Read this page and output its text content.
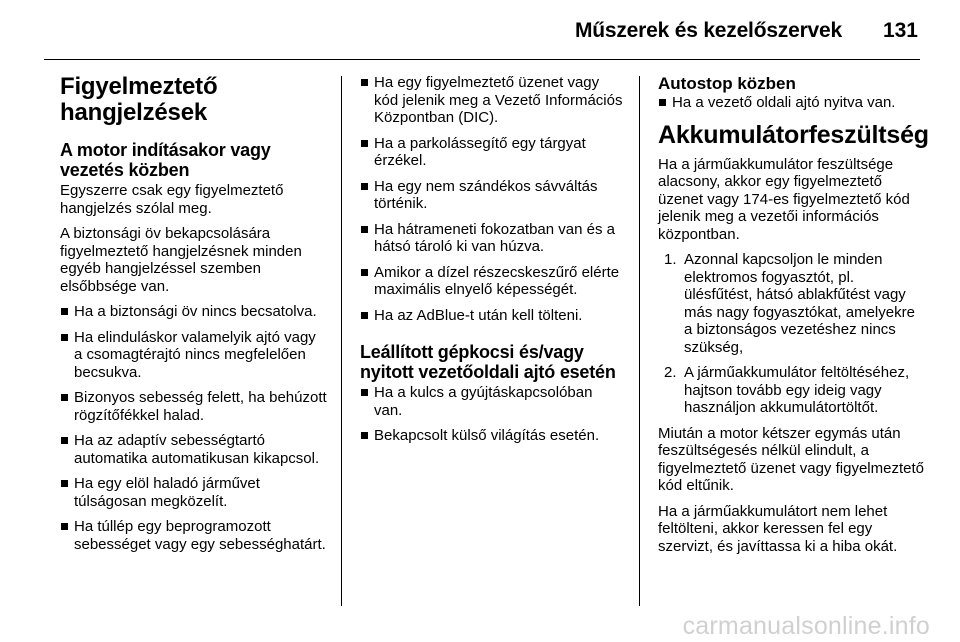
Műszerek és kezelőszervek 131
Figyelmeztető hangjelzések
A motor indításakor vagy vezetés közben

Egyszerre csak egy figyelmeztető hangjelzés szólal meg.

A biztonsági öv bekapcsolására figyelmeztető hangjelzésnek minden egyéb hangjelzéssel szemben elsőbbsége van.

Ha a biztonsági öv nincs becsatolva.
Ha elinduláskor valamelyik ajtó vagy a csomagtérajtó nincs megfelelően becsukva.
Bizonyos sebesség felett, ha behúzott rögzítőfékkel halad.
Ha az adaptív sebességtartó automatika automatikusan kikapcsol.
Ha egy elöl haladó járművet túlságosan megközelít.
Ha túllép egy beprogramozott sebességet vagy egy sebességhatárt.
Ha egy figyelmeztető üzenet vagy kód jelenik meg a Vezető Információs Központban (DIC).
Ha a parkolássegítő egy tárgyat érzékel.
Ha egy nem szándékos sávváltás történik.
Ha hátrameneti fokozatban van és a hátsó tároló ki van húzva.
Amikor a dízel részecskeszűrő elérte maximális elnyelő képességét.
Ha az AdBlue-t után kell tölteni.
Leállított gépkocsi és/vagy nyitott vezetőoldali ajtó esetén
Ha a kulcs a gyújtáskapcsolóban van.
Bekapcsolt külső világítás esetén.
Autostop közben
Ha a vezető oldali ajtó nyitva van.
Akkumulátorfeszültség

Ha a járműakkumulátor feszültsége alacsony, akkor egy figyelmeztető üzenet vagy 174-es figyelmeztető kód jelenik meg a vezetői információs központban.

1. Azonnal kapcsoljon le minden elektromos fogyasztót, pl. ülésfűtést, hátsó ablakfűtést vagy más nagy fogyasztókat, amelyekre a biztonságos vezetéshez nincs szükség,
2. A járműakkumulátor feltöltéséhez, hajtson tovább egy ideig vagy használjon akkumulátortöltőt.

Miután a motor kétszer egymás után feszültségesés nélkül elindult, a figyelmeztető üzenet vagy figyelmeztető kód eltűnik.

Ha a járműakkumulátort nem lehet feltölteni, akkor keressen fel egy szervizt, és javíttassa ki a hiba okát.

carmanualsonline.info
